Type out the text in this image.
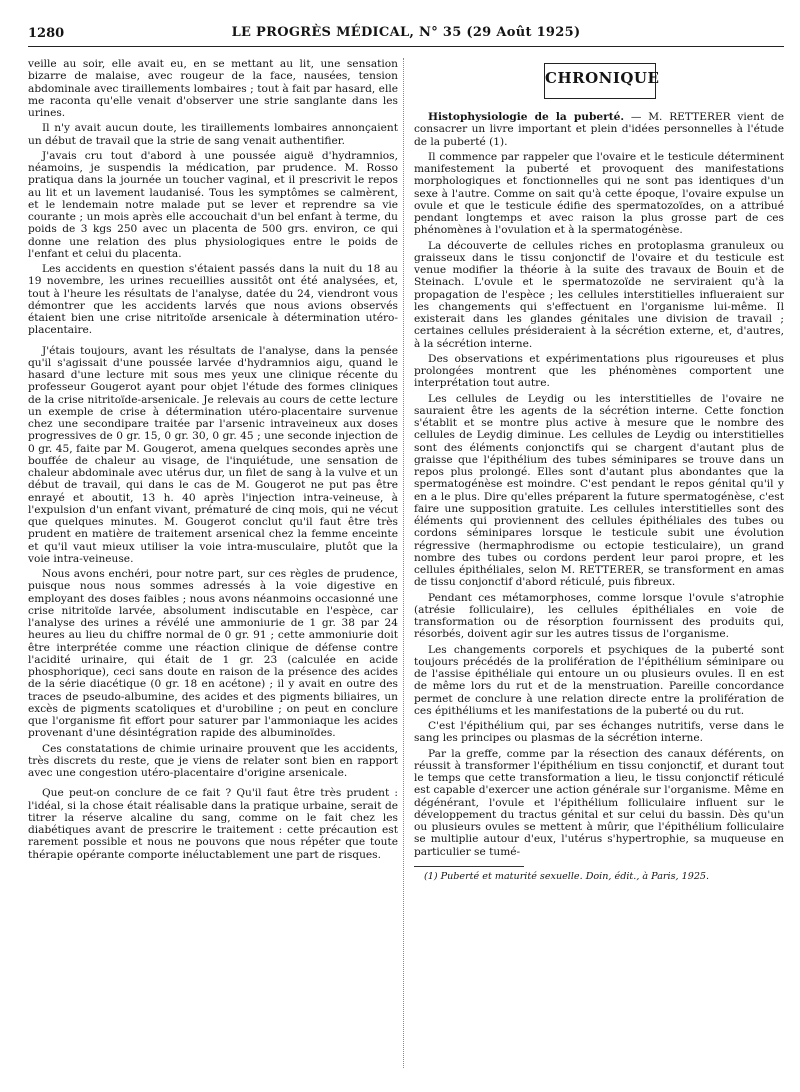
1280	LE PROGRÈS MÉDICAL, N° 35 (29 Août 1925)

veille au soir, elle avait eu, en se mettant au lit, une sensation bizarre de malaise, avec rougeur de la face, nausées, tension abdominale avec tiraillements lombaires ; tout à fait par hasard, elle me raconta qu'elle venait d'observer une strie sanglante dans les urines.

Il n'y avait aucun doute, les tiraillements lombaires annonçaient un début de travail que la strie de sang venait authentifier.

J'avais cru tout d'abord à une poussée aiguë d'hydramnios, néamoins, je suspendis la médication, par prudence. M. Rosso pratiqua dans la journée un toucher vaginal, et il prescrivit le repos au lit et un lavement laudanisé. Tous les symptômes se calmèrent, et le lendemain notre malade put se lever et reprendre sa vie courante ; un mois après elle accouchait d'un bel enfant à terme, du poids de 3 kgs 250 avec un placenta de 500 grs. environ, ce qui donne une relation des plus physiologiques entre le poids de l'enfant et celui du placenta.

Les accidents en question s'étaient passés dans la nuit du 18 au 19 novembre, les urines recueillies aussitôt ont été analysées, et, tout à l'heure les résultats de l'analyse, datée du 24, viendront vous démontrer que les accidents larvés que nous avions observés étaient bien une crise nitritoïde arsenicale à détermination utéro-placentaire.

J'étais toujours, avant les résultats de l'analyse, dans la pensée qu'il s'agissait d'une poussée larvée d'hydramnios aigu, quand le hasard d'une lecture mit sous mes yeux une clinique récente du professeur Gougerot ayant pour objet l'étude des formes cliniques de la crise nitritoïde-arsenicale. Je relevais au cours de cette lecture un exemple de crise à détermination utéro-placentaire survenue chez une secondipare traitée par l'arsenic intraveineux aux doses progressives de 0 gr. 15, 0 gr. 30, 0 gr. 45 ; une seconde injection de 0 gr. 45, faite par M. Gougerot, amena quelques secondes après une bouffée de chaleur au visage, de l'inquiétude, une sensation de chaleur abdominale avec utérus dur, un filet de sang à la vulve et un début de travail, qui dans le cas de M. Gougerot ne put pas être enrayé et aboutit, 13 h. 40 après l'injection intra-veineuse, à l'expulsion d'un enfant vivant, prématuré de cinq mois, qui ne vécut que quelques minutes. M. Gougerot conclut qu'il faut être très prudent en matière de traitement arsenical chez la femme enceinte et qu'il vaut mieux utiliser la voie intra-musculaire, plutôt que la voie intra-veineuse.

Nous avons enchéri, pour notre part, sur ces règles de prudence, puisque nous nous sommes adressés à la voie digestive en employant des doses faibles ; nous avons néanmoins occasionné une crise nitritoïde larvée, absolument indiscutable en l'espèce, car l'analyse des urines a révélé une ammoniurie de 1 gr. 38 par 24 heures au lieu du chiffre normal de 0 gr. 91 ; cette ammoniurie doit être interprétée comme une réaction clinique de défense contre l'acidité urinaire, qui était de 1 gr. 23 (calculée en acide phosphorique), ceci sans doute en raison de la présence des acides de la série diacétique (0 gr. 18 en acétone) ; il y avait en outre des traces de pseudo-albumine, des acides et des pigments biliaires, un excès de pigments scatoliques et d'urobiline ; on peut en conclure que l'organisme fit effort pour saturer par l'ammoniaque les acides provenant d'une désintégration rapide des albuminoïdes.

Ces constatations de chimie urinaire prouvent que les accidents, très discrets du reste, que je viens de relater sont bien en rapport avec une congestion utéro-placentaire d'origine arsenicale.

Que peut-on conclure de ce fait ? Qu'il faut être très prudent : l'idéal, si la chose était réalisable dans la pratique urbaine, serait de titrer la réserve alcaline du sang, comme on le fait chez les diabétiques avant de prescrire le traitement : cette précaution est rarement possible et nous ne pouvons que nous répéter que toute thérapie opérante comporte inéluctablement une part de risques.

CHRONIQUE

Histophysiologie de la puberté. — M. RETTERER vient de consacrer un livre important et plein d'idées personnelles à l'étude de la puberté (1).

Il commence par rappeler que l'ovaire et le testicule déterminent manifestement la puberté et provoquent des manifestations morphologiques et fonctionnelles qui ne sont pas identiques d'un sexe à l'autre. Comme on sait qu'à cette époque, l'ovaire expulse un ovule et que le testicule édifie des spermatozoïdes, on a attribué pendant longtemps et avec raison la plus grosse part de ces phénomènes à l'ovulation et à la spermatogénèse.

La découverte de cellules riches en protoplasma granuleux ou graisseux dans le tissu conjonctif de l'ovaire et du testicule est venue modifier la théorie à la suite des travaux de Bouin et de Steinach. L'ovule et le spermatozoïde ne serviraient qu'à la propagation de l'espèce ; les cellules interstitielles influeraient sur les changements qui s'effectuent en l'organisme lui-même. Il existerait dans les glandes génitales une division de travail ; certaines cellules présideraient à la sécrétion externe, et, d'autres, à la sécrétion interne.

Des observations et expérimentations plus rigoureuses et plus prolongées montrent que les phénomènes comportent une interprétation tout autre.

Les cellules de Leydig ou les interstitielles de l'ovaire ne sauraient être les agents de la sécrétion interne. Cette fonction s'établit et se montre plus active à mesure que le nombre des cellules de Leydig diminue. Les cellules de Leydig ou interstitielles sont des éléments conjonctifs qui se chargent d'autant plus de graisse que l'épithélium des tubes séminipares se trouve dans un repos plus prolongé. Elles sont d'autant plus abondantes que la spermatogénèse est moindre. C'est pendant le repos génital qu'il y en a le plus. Dire qu'elles préparent la future spermatogénèse, c'est faire une supposition gratuite. Les cellules interstitielles sont des éléments qui proviennent des cellules épithéliales des tubes ou cordons séminipares lorsque le testicule subit une évolution régressive (hermaphrodisme ou ectopie testiculaire), un grand nombre des tubes ou cordons perdent leur paroi propre, et les cellules épithéliales, selon M. RETTERER, se transforment en amas de tissu conjonctif d'abord réticulé, puis fibreux.

Pendant ces métamorphoses, comme lorsque l'ovule s'atrophie (atrésie folliculaire), les cellules épithéliales en voie de transformation ou de résorption fournissent des produits qui, résorbés, doivent agir sur les autres tissus de l'organisme.

Les changements corporels et psychiques de la puberté sont toujours précédés de la prolifération de l'épithélium séminipare ou de l'assise épithéliale qui entoure un ou plusieurs ovules. Il en est de même lors du rut et de la menstruation. Pareille concordance permet de conclure à une relation directe entre la prolifération de ces épithéliums et les manifestations de la puberté ou du rut.

C'est l'épithélium qui, par ses échanges nutritifs, verse dans le sang les principes ou plasmas de la sécrétion interne.

Par la greffe, comme par la résection des canaux déférents, on réussit à transformer l'épithélium en tissu conjonctif, et durant tout le temps que cette transformation a lieu, le tissu conjonctif réticulé est capable d'exercer une action générale sur l'organisme. Même en dégénérant, l'ovule et l'épithélium folliculaire influent sur le développement du tractus génital et sur celui du bassin. Dès qu'un ou plusieurs ovules se mettent à mûrir, que l'épithélium folliculaire se multiplie autour d'eux, l'utérus s'hypertrophie, sa muqueuse en particulier se tumé-

(1) Puberté et maturité sexuelle. Doin, édit., à Paris, 1925.
